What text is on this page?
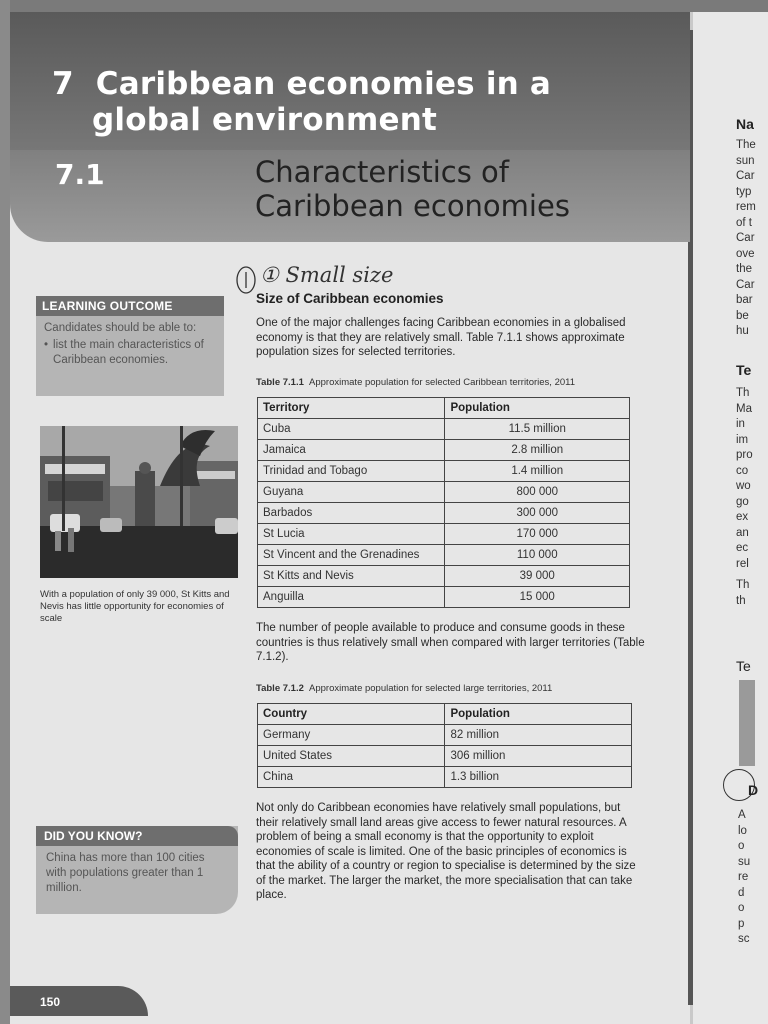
Na
The
sun
Car
typ
rem
of t
Car
ove
the
Car
bar
be
hu
Te
Th
Ma
in
im
pro
co
wo
go
ex
an
ec
rel
Th
th
Te
D
A
lo
o
su
re
d
o
p
sc
7 Caribbean economies in a
global environment
7.1	Characteristics of
Caribbean economies
① Small size
LEARNING OUTCOME
Candidates should be able to:
• list the main characteristics of Caribbean economies.
With a population of only 39 000, St Kitts and Nevis has little opportunity for economies of scale
DID YOU KNOW?
China has more than 100 cities with populations greater than 1 million.
Size of Caribbean economies
One of the major challenges facing Caribbean economies in a globalised economy is that they are relatively small. Table 7.1.1 shows approximate population sizes for selected territories.
Table 7.1.1 Approximate population for selected Caribbean territories, 2011
Territory	Population
Cuba	11.5 million
Jamaica	2.8 million
Trinidad and Tobago	1.4 million
Guyana	800 000
Barbados	300 000
St Lucia	170 000
St Vincent and the Grenadines	110 000
St Kitts and Nevis	39 000
Anguilla	15 000
The number of people available to produce and consume goods in these countries is thus relatively small when compared with larger territories (Table 7.1.2).
Table 7.1.2 Approximate population for selected large territories, 2011
Country	Population
Germany	82 million
United States	306 million
China	1.3 billion
Not only do Caribbean economies have relatively small populations, but their relatively small land areas give access to fewer natural resources. A problem of being a small economy is that the opportunity to exploit economies of scale is limited. One of the basic principles of economics is that the ability of a country or region to specialise is determined by the size of the market. The larger the market, the more specialisation that can take place.
150
